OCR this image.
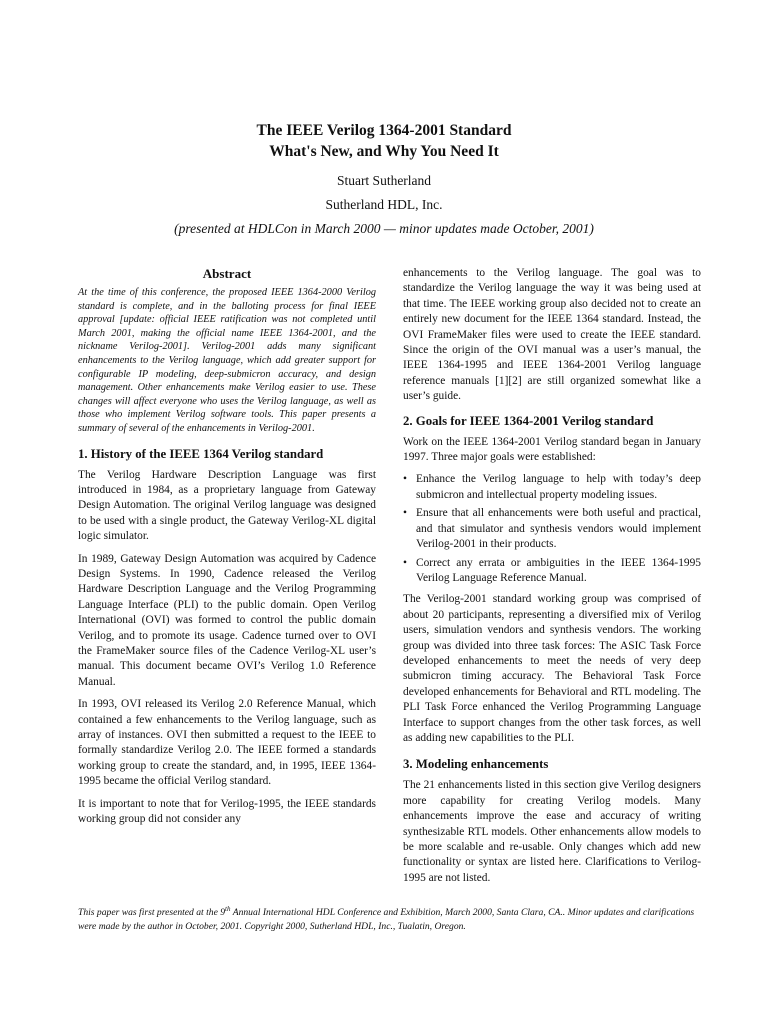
The IEEE Verilog 1364-2001 Standard
What's New, and Why You Need It
Stuart Sutherland
Sutherland HDL, Inc.
(presented at HDLCon in March 2000 — minor updates made October, 2001)
Abstract
At the time of this conference, the proposed IEEE 1364-2000 Verilog standard is complete, and in the balloting process for final IEEE approval [update: official IEEE ratification was not completed until March 2001, making the official name IEEE 1364-2001, and the nickname Verilog-2001]. Verilog-2001 adds many significant enhancements to the Verilog language, which add greater support for configurable IP modeling, deep-submicron accuracy, and design management. Other enhancements make Verilog easier to use. These changes will affect everyone who uses the Verilog language, as well as those who implement Verilog software tools. This paper presents a summary of several of the enhancements in Verilog-2001.
1. History of the IEEE 1364 Verilog standard

The Verilog Hardware Description Language was first introduced in 1984, as a proprietary language from Gateway Design Automation. The original Verilog language was designed to be used with a single product, the Gateway Verilog-XL digital logic simulator.

In 1989, Gateway Design Automation was acquired by Cadence Design Systems. In 1990, Cadence released the Verilog Hardware Description Language and the Verilog Programming Language Interface (PLI) to the public domain. Open Verilog International (OVI) was formed to control the public domain Verilog, and to promote its usage. Cadence turned over to OVI the FrameMaker source files of the Cadence Verilog-XL user’s manual. This document became OVI’s Verilog 1.0 Reference Manual.

In 1993, OVI released its Verilog 2.0 Reference Manual, which contained a few enhancements to the Verilog language, such as array of instances. OVI then submitted a request to the IEEE to formally standardize Verilog 2.0. The IEEE formed a standards working group to create the standard, and, in 1995, IEEE 1364-1995 became the official Verilog standard.

It is important to note that for Verilog-1995, the IEEE standards working group did not consider any

enhancements to the Verilog language. The goal was to standardize the Verilog language the way it was being used at that time. The IEEE working group also decided not to create an entirely new document for the IEEE 1364 standard. Instead, the OVI FrameMaker files were used to create the IEEE standard. Since the origin of the OVI manual was a user’s manual, the IEEE 1364-1995 and IEEE 1364-2001 Verilog language reference manuals [1][2] are still organized somewhat like a user’s guide.

2. Goals for IEEE 1364-2001 Verilog standard

Work on the IEEE 1364-2001 Verilog standard began in January 1997. Three major goals were established:

• Enhance the Verilog language to help with today’s deep submicron and intellectual property modeling issues.
• Ensure that all enhancements were both useful and practical, and that simulator and synthesis vendors would implement Verilog-2001 in their products.
• Correct any errata or ambiguities in the IEEE 1364-1995 Verilog Language Reference Manual.

The Verilog-2001 standard working group was comprised of about 20 participants, representing a diversified mix of Verilog users, simulation vendors and synthesis vendors. The working group was divided into three task forces: The ASIC Task Force developed enhancements to meet the needs of very deep submicron timing accuracy. The Behavioral Task Force developed enhancements for Behavioral and RTL modeling. The PLI Task Force enhanced the Verilog Programming Language Interface to support changes from the other task forces, as well as adding new capabilities to the PLI.

3. Modeling enhancements

The 21 enhancements listed in this section give Verilog designers more capability for creating Verilog models. Many enhancements improve the ease and accuracy of writing synthesizable RTL models. Other enhancements allow models to be more scalable and re-usable. Only changes which add new functionality or syntax are listed here. Clarifications to Verilog-1995 are not listed.

This paper was first presented at the 9th Annual International HDL Conference and Exhibition, March 2000, Santa Clara, CA.. Minor updates and clarifications were made by the author in October, 2001. Copyright 2000, Sutherland HDL, Inc., Tualatin, Oregon.
